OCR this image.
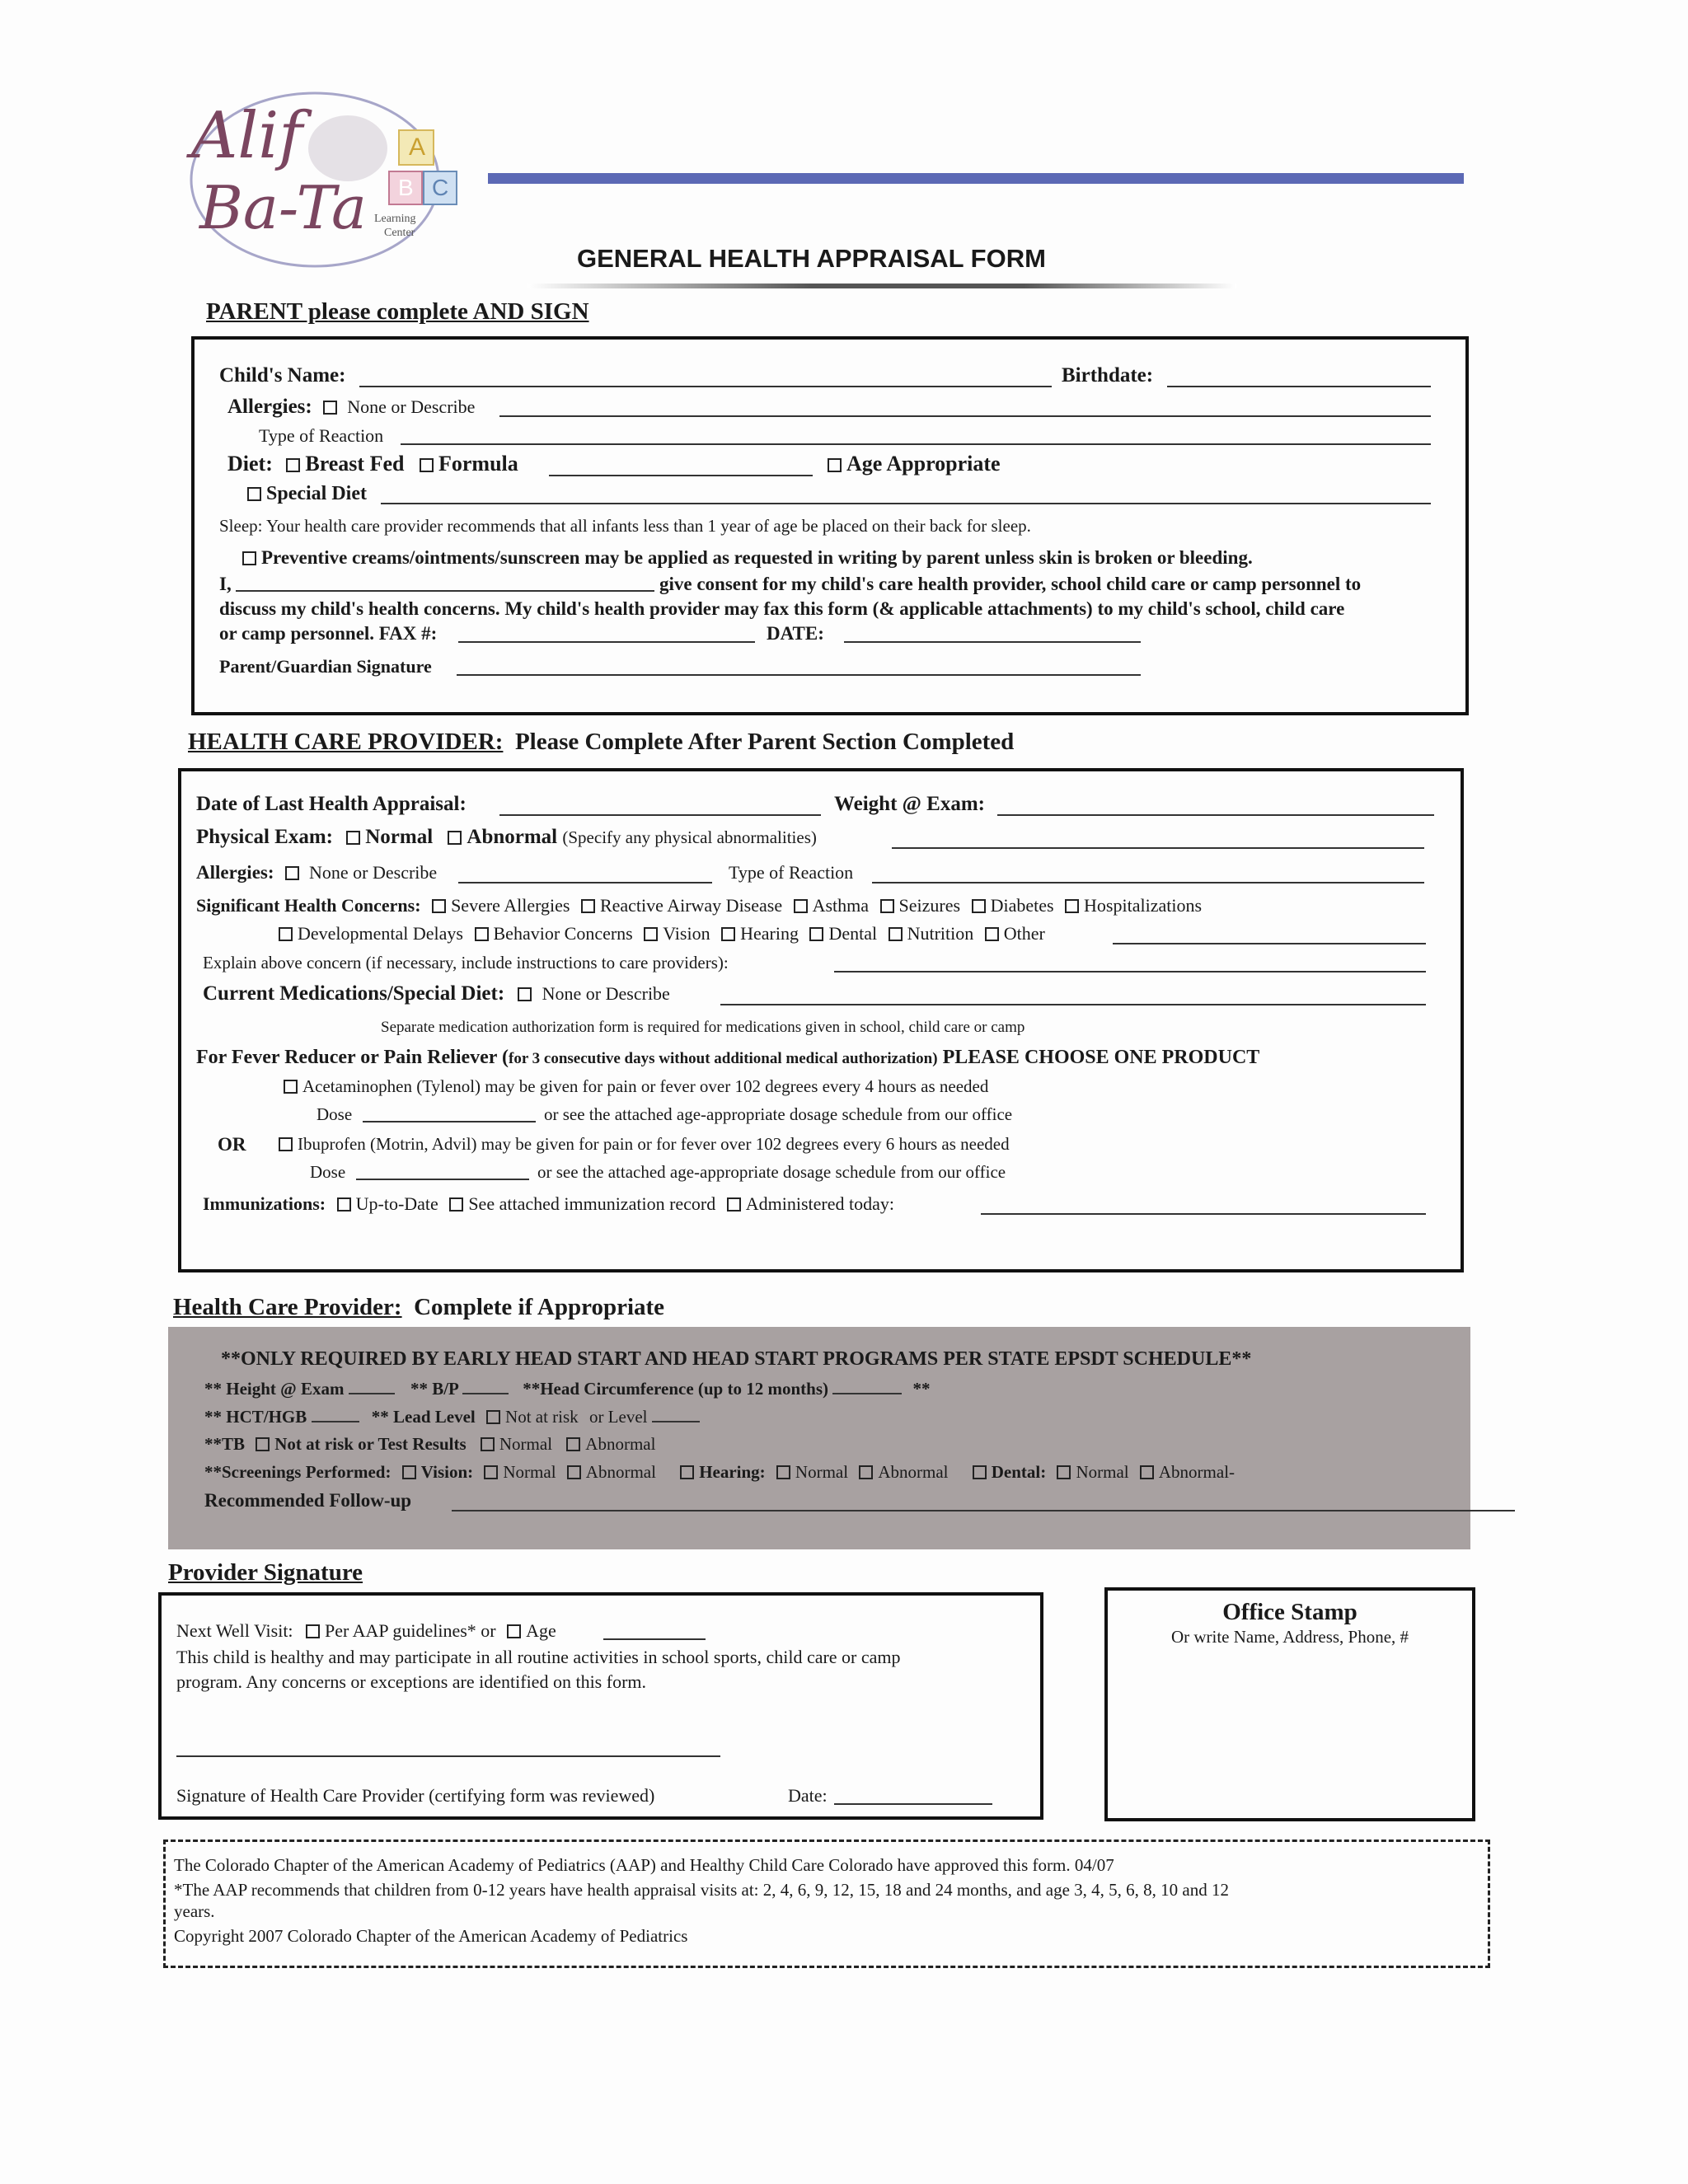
Alif
Ba-Ta
A
B C
Learning
Center
GENERAL HEALTH APPRAISAL FORM
PARENT please complete AND SIGN
Child's Name:	Birthdate:
Allergies: None or Describe
Type of Reaction
Diet: Breast Fed Formula	Age Appropriate
Special Diet
Sleep: Your health care provider recommends that all infants less than 1 year of age be placed on their back for sleep.
Preventive creams/ointments/sunscreen may be applied as requested in writing by parent unless skin is broken or bleeding.
I,	give consent for my child's care health provider, school child care or camp personnel to
discuss my child's health concerns. My child's health provider may fax this form (& applicable attachments) to my child's school, child care
or camp personnel. FAX #:	DATE:
Parent/Guardian Signature
HEALTH CARE PROVIDER: Please Complete After Parent Section Completed
Date of Last Health Appraisal:	Weight @ Exam:
Physical Exam: Normal Abnormal (Specify any physical abnormalities)
Allergies: None or Describe	Type of Reaction
Significant Health Concerns: Severe Allergies Reactive Airway Disease Asthma Seizures Diabetes Hospitalizations
Developmental Delays Behavior Concerns Vision Hearing Dental Nutrition Other
Explain above concern (if necessary, include instructions to care providers):
Current Medications/Special Diet: None or Describe
Separate medication authorization form is required for medications given in school, child care or camp
For Fever Reducer or Pain Reliever (for 3 consecutive days without additional medical authorization) PLEASE CHOOSE ONE PRODUCT
Acetaminophen (Tylenol) may be given for pain or fever over 102 degrees every 4 hours as needed
Dose	or see the attached age-appropriate dosage schedule from our office
OR	Ibuprofen (Motrin, Advil) may be given for pain or for fever over 102 degrees every 6 hours as needed
Dose	or see the attached age-appropriate dosage schedule from our office
Immunizations: Up-to-Date See attached immunization record Administered today:
Health Care Provider: Complete if Appropriate
**ONLY REQUIRED BY EARLY HEAD START AND HEAD START PROGRAMS PER STATE EPSDT SCHEDULE**
** Height @ Exam	** B/P	**Head Circumference (up to 12 months)	**
** HCT/HGB	** Lead Level Not at risk or Level
**TB Not at risk or Test Results Normal Abnormal
**Screenings Performed: Vision: Normal Abnormal Hearing: Normal Abnormal Dental: Normal Abnormal-
Recommended Follow-up
Provider Signature
Next Well Visit: Per AAP guidelines* or Age
This child is healthy and may participate in all routine activities in school sports, child care or camp
program. Any concerns or exceptions are identified on this form.
Signature of Health Care Provider (certifying form was reviewed)	Date:
Office Stamp
Or write Name, Address, Phone, #
The Colorado Chapter of the American Academy of Pediatrics (AAP) and Healthy Child Care Colorado have approved this form. 04/07
*The AAP recommends that children from 0-12 years have health appraisal visits at: 2, 4, 6, 9, 12, 15, 18 and 24 months, and age 3, 4, 5, 6, 8, 10 and 12
years.
Copyright 2007 Colorado Chapter of the American Academy of Pediatrics
